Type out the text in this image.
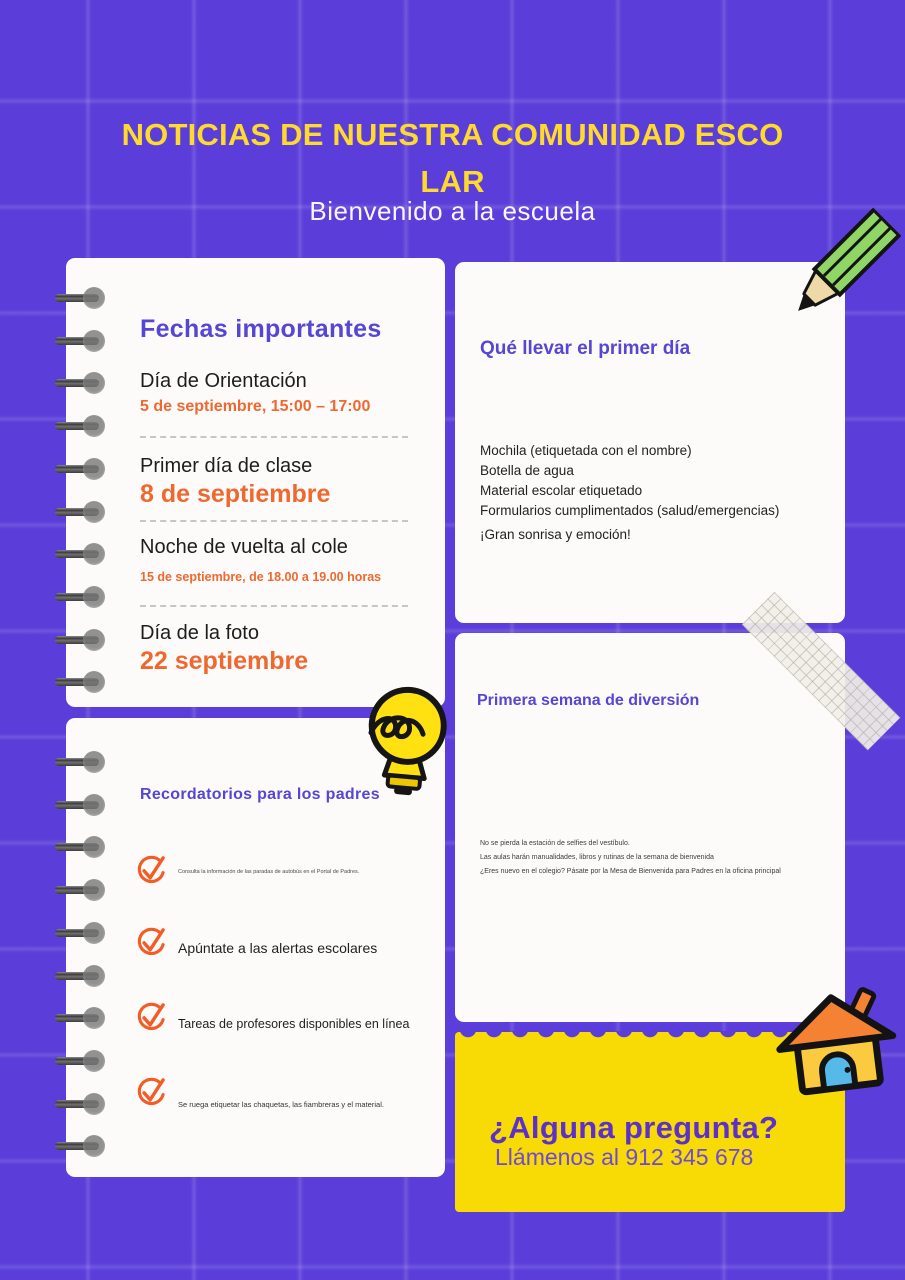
NOTICIAS DE NUESTRA COMUNIDAD ESCO
LAR
Bienvenido a la escuela
Fechas importantes
Día de Orientación
5 de septiembre, 15:00 – 17:00
Primer día de clase
8 de septiembre
Noche de vuelta al cole
15 de septiembre, de 18.00 a 19.00 horas
Día de la foto
22 septiembre
Qué llevar el primer día
Mochila (etiquetada con el nombre)
Botella de agua
Material escolar etiquetado
Formularios cumplimentados (salud/emergencias)
¡Gran sonrisa y emoción!
Primera semana de diversión
No se pierda la estación de selfies del vestíbulo.
Las aulas harán manualidades, libros y rutinas de la semana de bienvenida
¿Eres nuevo en el colegio? Pásate por la Mesa de Bienvenida para Padres en la oficina principal
Recordatorios para los padres
Consulta la información de las paradas de autobús en el Portal de Padres.
Apúntate a las alertas escolares
Tareas de profesores disponibles en línea
Se ruega etiquetar las chaquetas, las fiambreras y el material.
¿Alguna pregunta?
Llámenos al 912 345 678
